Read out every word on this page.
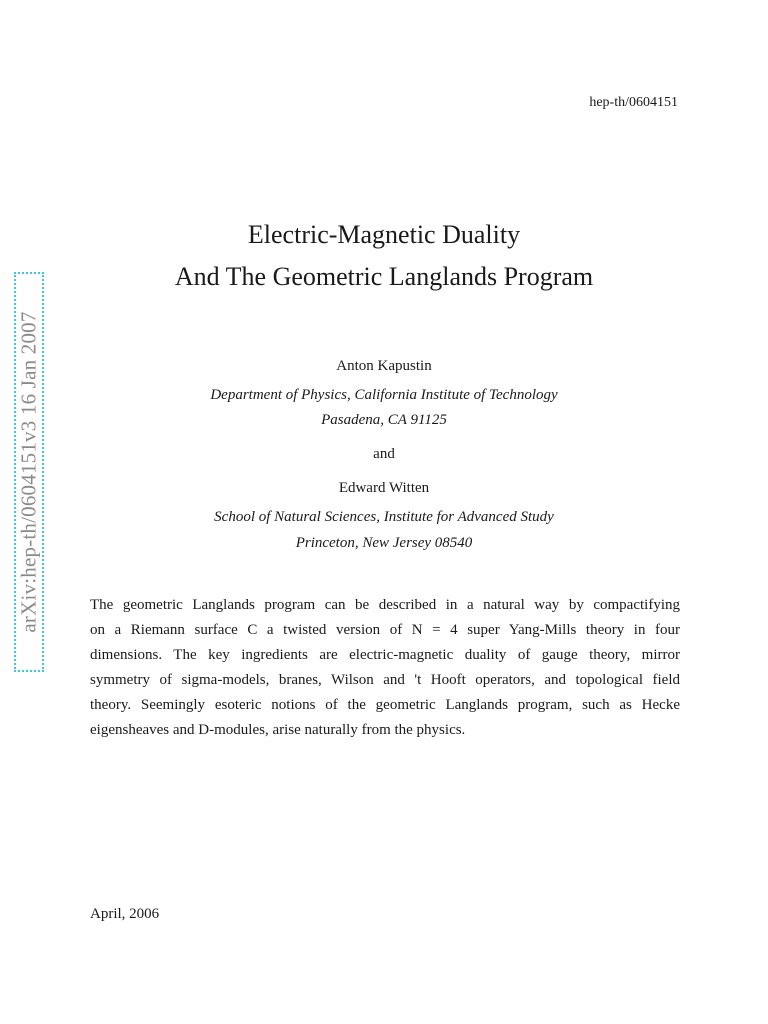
hep-th/0604151
arXiv:hep-th/0604151v3 16 Jan 2007
Electric-Magnetic Duality
And The Geometric Langlands Program
Anton Kapustin
Department of Physics, California Institute of Technology
Pasadena, CA 91125
and
Edward Witten
School of Natural Sciences, Institute for Advanced Study
Princeton, New Jersey 08540
The geometric Langlands program can be described in a natural way by compactifying
on a Riemann surface C a twisted version of N = 4 super Yang-Mills theory in four
dimensions. The key ingredients are electric-magnetic duality of gauge theory, mirror
symmetry of sigma-models, branes, Wilson and 't Hooft operators, and topological field
theory. Seemingly esoteric notions of the geometric Langlands program, such as Hecke
eigensheaves and D-modules, arise naturally from the physics.
April, 2006
